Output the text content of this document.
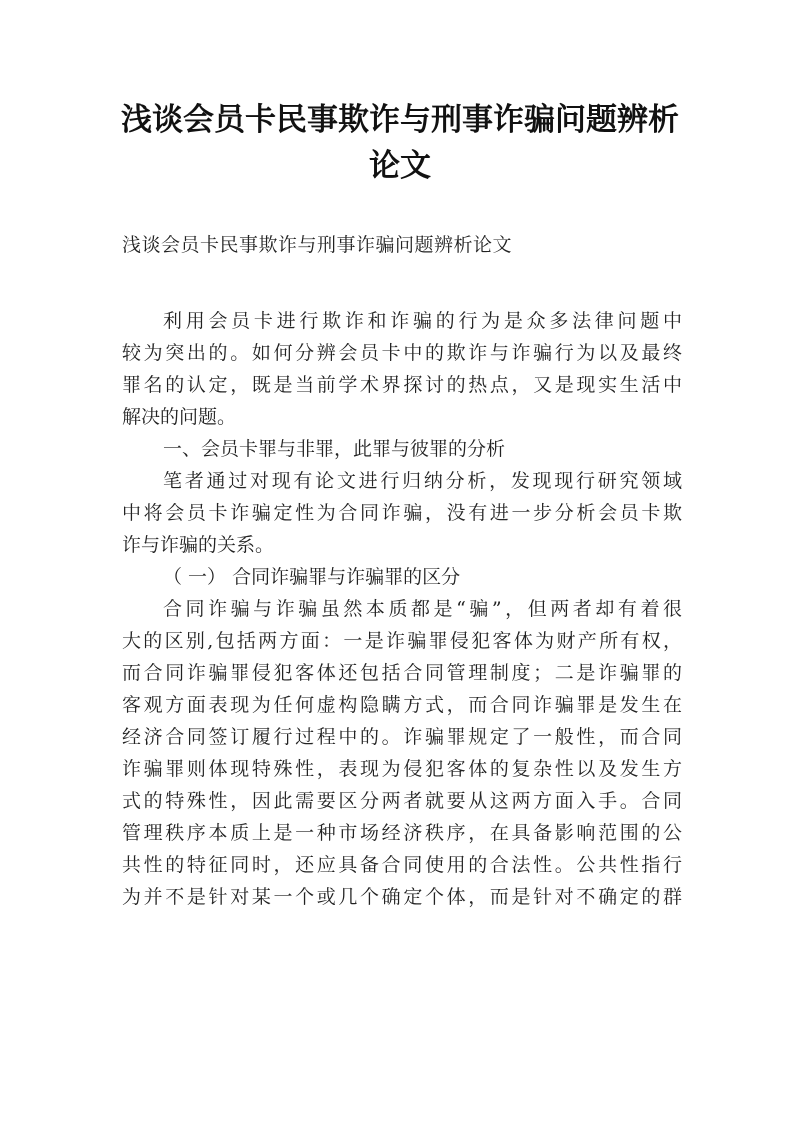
浅谈会员卡民事欺诈与刑事诈骗问题辨析
论文
浅谈会员卡民事欺诈与刑事诈骗问题辨析论文
利用会员卡进行欺诈和诈骗的行为是众多法律问题中
较为突出的。如何分辨会员卡中的欺诈与诈骗行为以及最终
罪名的认定，既是当前学术界探讨的热点，又是现实生活中
解决的问题。
一、会员卡罪与非罪，此罪与彼罪的分析
笔者通过对现有论文进行归纳分析，发现现行研究领域
中将会员卡诈骗定性为合同诈骗，没有进一步分析会员卡欺
诈与诈骗的关系。
（ 一） 合同诈骗罪与诈骗罪的区分
合同诈骗与诈骗虽然本质都是“骗”，但两者却有着很
大的区别,包括两方面：一是诈骗罪侵犯客体为财产所有权，
而合同诈骗罪侵犯客体还包括合同管理制度；二是诈骗罪的
客观方面表现为任何虚构隐瞒方式，而合同诈骗罪是发生在
经济合同签订履行过程中的。诈骗罪规定了一般性，而合同
诈骗罪则体现特殊性，表现为侵犯客体的复杂性以及发生方
式的特殊性，因此需要区分两者就要从这两方面入手。合同
管理秩序本质上是一种市场经济秩序，在具备影响范围的公
共性的特征同时，还应具备合同使用的合法性。公共性指行
为并不是针对某一个或几个确定个体，而是针对不确定的群
